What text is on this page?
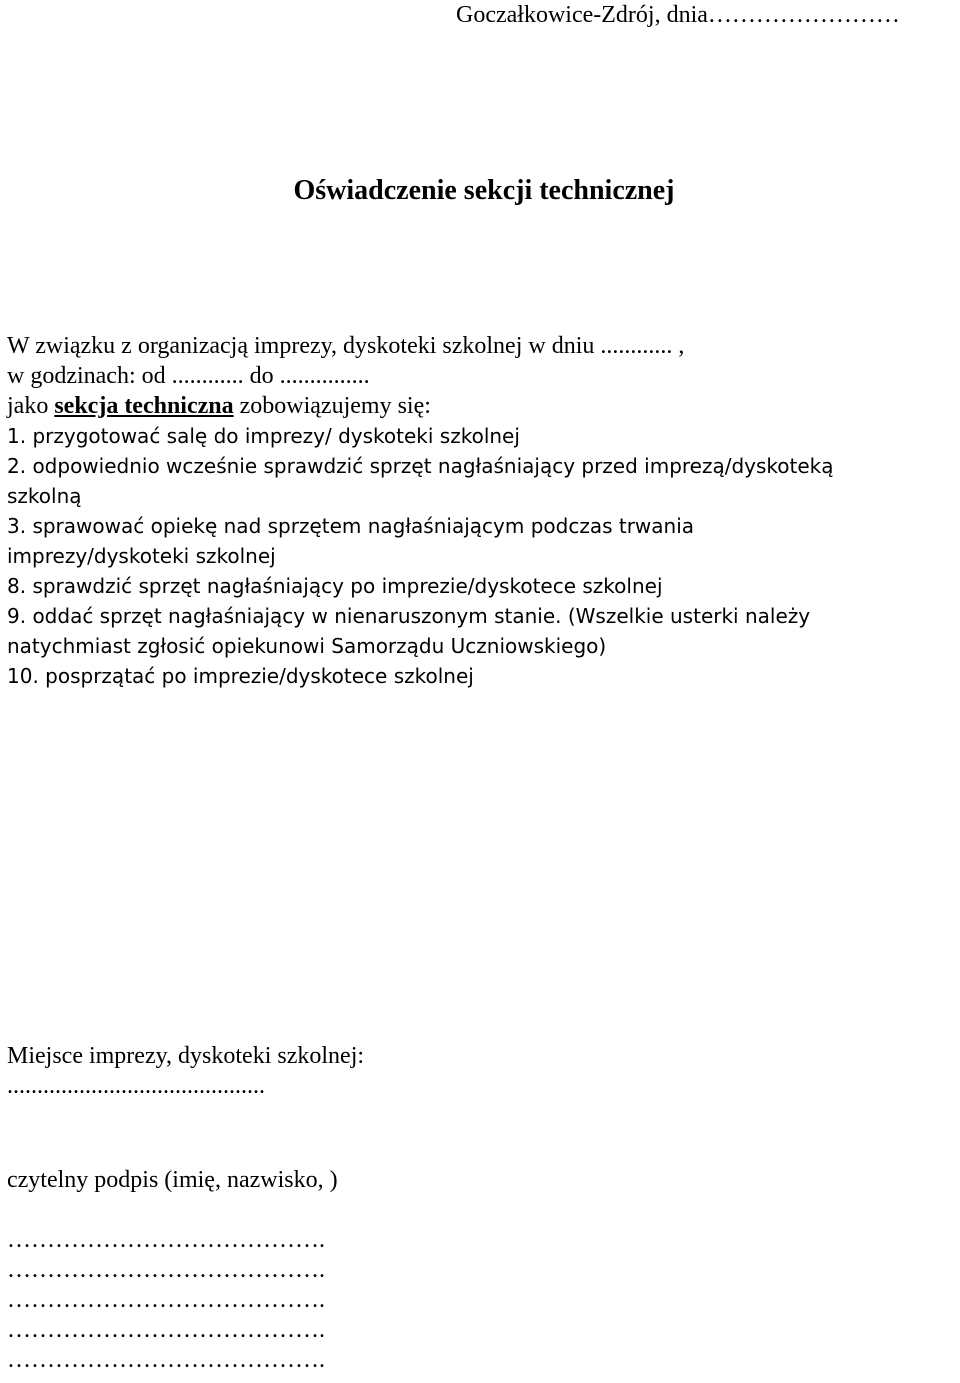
Goczałkowice-Zdrój, dnia……………………
Oświadczenie sekcji technicznej
W związku z organizacją imprezy, dyskoteki szkolnej w dniu ............ ,
w godzinach: od ............ do ...............
jako sekcja techniczna zobowiązujemy się:
1. przygotować salę do imprezy/ dyskoteki szkolnej
2. odpowiednio wcześnie sprawdzić sprzęt nagłaśniający przed imprezą/dyskoteką
szkolną
3. sprawować opiekę nad sprzętem nagłaśniającym podczas trwania
imprezy/dyskoteki szkolnej
8. sprawdzić sprzęt nagłaśniający po imprezie/dyskotece szkolnej
9. oddać sprzęt nagłaśniający w nienaruszonym stanie. (Wszelkie usterki należy
natychmiast zgłosić opiekunowi Samorządu Uczniowskiego)
10. posprzątać po imprezie/dyskotece szkolnej
Miejsce imprezy, dyskoteki szkolnej:
...........................................
czytelny podpis (imię, nazwisko, )
………………………………….
………………………………….
………………………………….
………………………………….
………………………………….
